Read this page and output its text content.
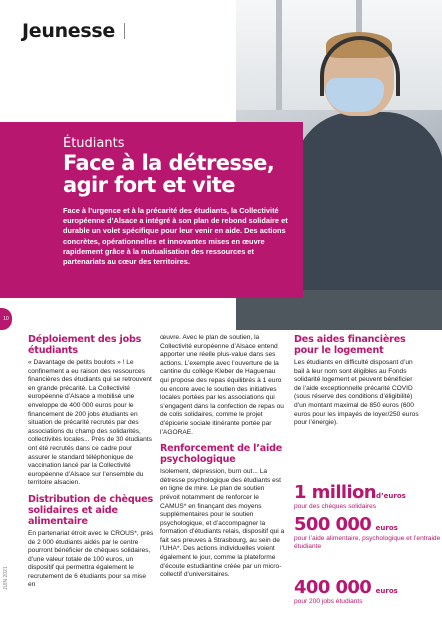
Jeunesse
Étudiants
Face à la détresse, agir fort et vite
Face à l’urgence et à la précarité des étudiants, la Collectivité européenne d’Alsace a intégré à son plan de rebond solidaire et durable un volet spécifique pour leur venir en aide. Des actions concrètes, opérationnelles et innovantes mises en œuvre rapidement grâce à la mutualisation des ressources et partenariats au cœur des territoires.
10
JUIN 2021
Déploiement des jobs étudiants
« Davantage de petits boulots » ! Le confinement a eu raison des ressources financières des étudiants qui se retrouvent en grande précarité. La Collectivité européenne d’Alsace a mobilisé une enveloppe de 400 000 euros pour le financement de 200 jobs étudiants en situation de précarité recrutés par des associations du champ des solidarités, collectivités locales... Près de 30 étudiants ont été recrutés dans ce cadre pour assurer le standard téléphonique de vaccination lancé par la Collectivité européenne d’Alsace sur l’ensemble du territoire alsacien.
Distribution de chèques solidaires et aide alimentaire
En partenariat étroit avec le CROUS*, près de 2 000 étudiants aidés par le centre pourront bénéficier de chèques solidaires, d’une valeur totale de 100 euros, un dispositif qui permettra également le recrutement de 6 étudiants pour sa mise en
œuvre. Avec le plan de soutien, la Collectivité européenne d’Alsace entend apporter une réelle plus-value dans ses actions. L’exemple avec l’ouverture de la cantine du collège Kleber de Haguenau qui propose des repas équilibrés à 1 euro ou encore avec le soutien des initiatives locales portées par les associations qui s’engagent dans la confection de repas ou de colis solidaires, comme le projet d’épicerie sociale itinérante portée par l’AGORAE.
Renforcement de l’aide psychologique
Isolement, dépression, burn out... La détresse psychologique des étudiants est en ligne de mire. Le plan de soutien prévoit notamment de renforcer le CAMUS* en finançant des moyens supplémentaires pour le soutien psychologique, et d’accompagner la formation d’étudiants relais, dispositif qui a fait ses preuves à Strasbourg, au sein de l’UHA*. Des actions individuelles voient également le jour, comme la plateforme d’écoute estudiantine créée par un micro-collectif d’universitaires.
Des aides financières pour le logement
Les étudiants en difficulté disposant d’un bail à leur nom sont éligibles au Fonds solidarité logement et peuvent bénéficier de l’aide exceptionnelle précarité COVID (sous réserve des conditions d’éligibilité) d’un montant maximal de 850 euros (600 euros pour les impayés de loyer/250 euros pour l’énergie).
1 milliond’euros
pour des chèques solidaires
500 000 euros
pour l’aide alimentaire, psychologique et l’entraide étudiante
400 000 euros
pour 200 jobs étudiants
